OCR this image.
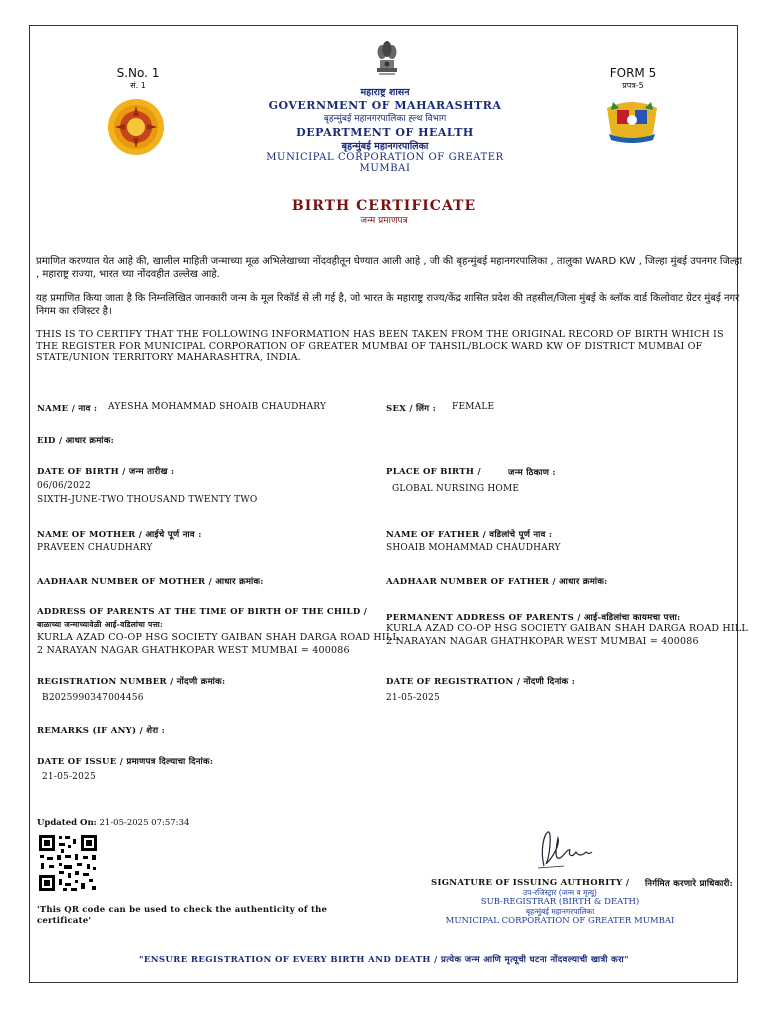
S.No. 1
सं. 1
FORM 5
प्रपत्र-5
महाराष्ट्र शासन
GOVERNMENT OF MAHARASHTRA
बृहन्मुंबई महानगरपालिका ह्ल्थ विभाग
DEPARTMENT OF HEALTH
बृहन्मुंबई महानगरपालिका
MUNICIPAL CORPORATION OF GREATER
MUMBAI
BIRTH CERTIFICATE
जन्म प्रमाणपत्र
प्रमाणित करण्यात येत आहे की, खालील माहिती जन्माच्या मूळ अभिलेखाच्या नोंदवहीतून घेण्यात आली आहे , जी की बृहन्मुंबई महानगरपालिका , तालुका WARD KW , जिल्हा मुंबई उपनगर जिल्हा , महाराष्ट्र राज्या, भारत च्या नोंदवहीत उल्लेख आहे.
यह प्रमाणित किया जाता है कि निम्नलिखित जानकारी जन्म के मूल रिकॉर्ड से ली गई है, जो भारत के महाराष्ट्र राज्य/केंद्र शासित प्रदेश की तहसील/जिला मुंबई के ब्लॉक वार्ड किलोवाट ग्रेटर मुंबई नगर निगम का रजिस्टर है।
THIS IS TO CERTIFY THAT THE FOLLOWING INFORMATION HAS BEEN TAKEN FROM THE ORIGINAL RECORD OF BIRTH WHICH IS THE REGISTER FOR MUNICIPAL CORPORATION OF GREATER MUMBAI OF TAHSIL/BLOCK WARD KW OF DISTRICT MUMBAI OF STATE/UNION TERRITORY MAHARASHTRA, INDIA.
NAME / नाव : AYESHA MOHAMMAD SHOAIB CHAUDHARY	SEX / लिंग : FEMALE
EID / आधार क्रमांक:
DATE OF BIRTH / जन्म तारीख :
06/06/2022
SIXTH-JUNE-TWO THOUSAND TWENTY TWO
PLACE OF BIRTH /	जन्म ठिकाण :
GLOBAL NURSING HOME
NAME OF MOTHER / आईचे पूर्ण नाव :
PRAVEEN CHAUDHARY
NAME OF FATHER / वडिलांचे पूर्ण नाव :
SHOAIB MOHAMMAD CHAUDHARY
AADHAAR NUMBER OF MOTHER / आधार क्रमांक:	AADHAAR NUMBER OF FATHER / आधार क्रमांक:
ADDRESS OF PARENTS AT THE TIME OF BIRTH OF THE CHILD /
बाळाच्या जन्माच्यावेळी आई-वडिलांचा पत्ता:
KURLA AZAD CO-OP HSG SOCIETY GAIBAN SHAH DARGA ROAD HILL
2 NARAYAN NAGAR GHATHKOPAR WEST MUMBAI = 400086
PERMANENT ADDRESS OF PARENTS / आई-वडिलांचा कायमचा पत्ता:
KURLA AZAD CO-OP HSG SOCIETY GAIBAN SHAH DARGA ROAD HILL
2 NARAYAN NAGAR GHATHKOPAR WEST MUMBAI = 400086
REGISTRATION NUMBER / नोंदणी क्रमांक:
B2025990347004456
DATE OF REGISTRATION / नोंदणी दिनांक :
21-05-2025
REMARKS (IF ANY) / शेरा :
DATE OF ISSUE / प्रमाणपत्र दिल्याचा दिनांक:
21-05-2025
Updated On: 21-05-2025 07:57:34
'This QR code can be used to check the authenticity of the certificate'
SIGNATURE OF ISSUING AUTHORITY / निर्गमित करणारे प्राधिकारी:
उप-रजिस्ट्रार (जन्म व मृत्यू)
SUB-REGISTRAR (BIRTH & DEATH)
बृहन्मुंबई महानगरपालिका
MUNICIPAL CORPORATION OF GREATER MUMBAI
"ENSURE REGISTRATION OF EVERY BIRTH AND DEATH / प्रत्येक जन्म आणि मृत्यूची घटना नोंदवल्याची खात्री करा"
